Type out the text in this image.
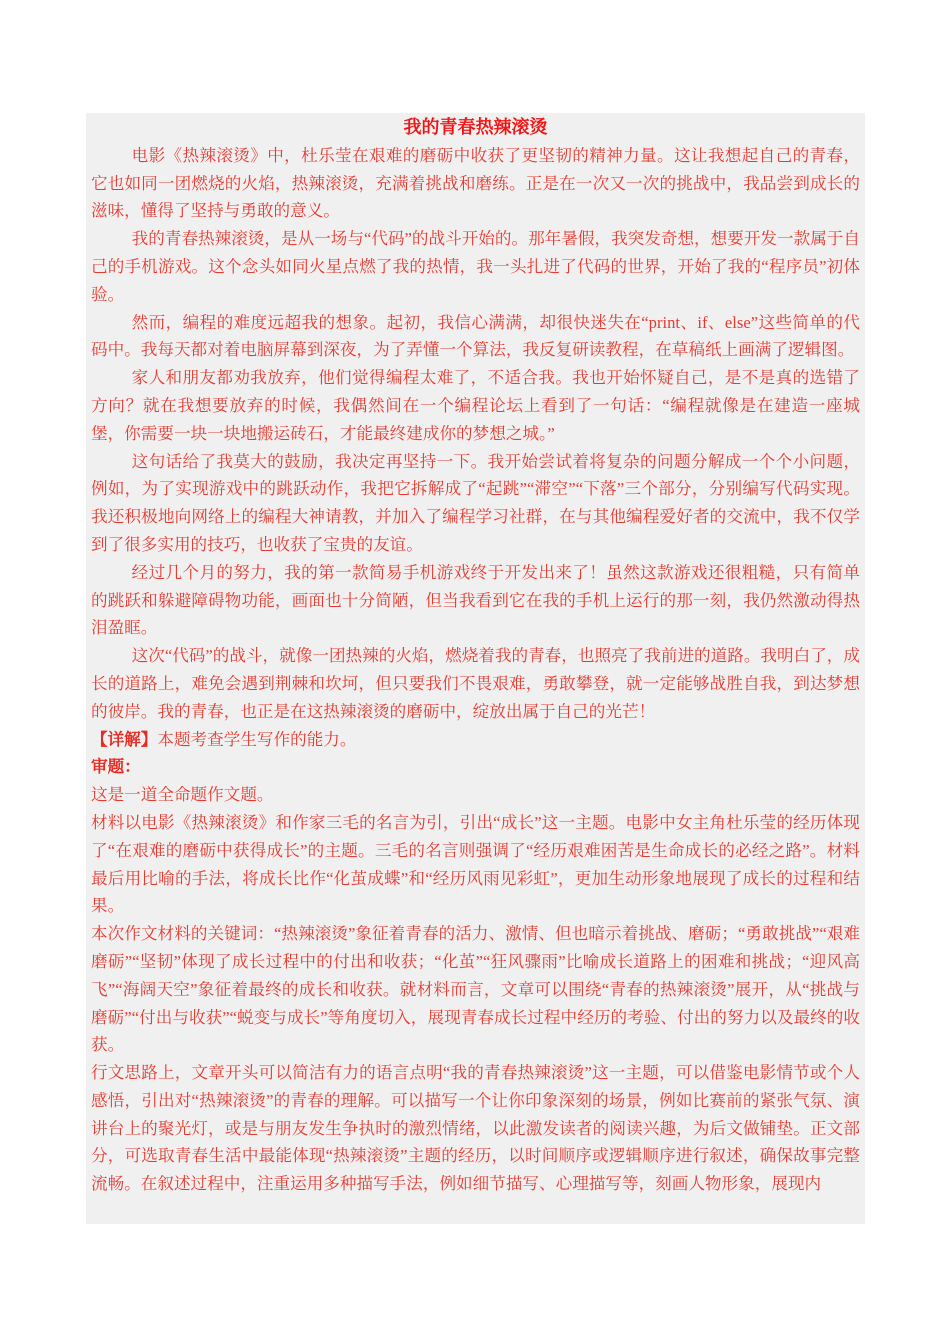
我的青春热辣滚烫

电影《热辣滚烫》中，杜乐莹在艰难的磨砺中收获了更坚韧的精神力量。这让我想起自己的青春，它也如同一团燃烧的火焰，热辣滚烫，充满着挑战和磨练。正是在一次又一次的挑战中，我品尝到成长的滋味，懂得了坚持与勇敢的意义。

我的青春热辣滚烫，是从一场与“代码”的战斗开始的。那年暑假，我突发奇想，想要开发一款属于自己的手机游戏。这个念头如同火星点燃了我的热情，我一头扎进了代码的世界，开始了我的“程序员”初体验。

然而，编程的难度远超我的想象。起初，我信心满满，却很快迷失在“print、if、else”这些简单的代码中。我每天都对着电脑屏幕到深夜，为了弄懂一个算法，我反复研读教程，在草稿纸上画满了逻辑图。

家人和朋友都劝我放弃，他们觉得编程太难了，不适合我。我也开始怀疑自己，是不是真的选错了方向？就在我想要放弃的时候，我偶然间在一个编程论坛上看到了一句话：“编程就像是在建造一座城堡，你需要一块一块地搬运砖石，才能最终建成你的梦想之城。”

这句话给了我莫大的鼓励，我决定再坚持一下。我开始尝试着将复杂的问题分解成一个个小问题，例如，为了实现游戏中的跳跃动作，我把它拆解成了“起跳”“滞空”“下落”三个部分，分别编写代码实现。我还积极地向网络上的编程大神请教，并加入了编程学习社群，在与其他编程爱好者的交流中，我不仅学到了很多实用的技巧，也收获了宝贵的友谊。

经过几个月的努力，我的第一款简易手机游戏终于开发出来了！虽然这款游戏还很粗糙，只有简单的跳跃和躲避障碍物功能，画面也十分简陋，但当我看到它在我的手机上运行的那一刻，我仍然激动得热泪盈眶。

这次“代码”的战斗，就像一团热辣的火焰，燃烧着我的青春，也照亮了我前进的道路。我明白了，成长的道路上，难免会遇到荆棘和坎坷，但只要我们不畏艰难，勇敢攀登，就一定能够战胜自我，到达梦想的彼岸。我的青春，也正是在这热辣滚烫的磨砺中，绽放出属于自己的光芒！

【详解】本题考查学生写作的能力。

审题：

这是一道全命题作文题。

材料以电影《热辣滚烫》和作家三毛的名言为引，引出“成长”这一主题。电影中女主角杜乐莹的经历体现了“在艰难的磨砺中获得成长”的主题。三毛的名言则强调了“经历艰难困苦是生命成长的必经之路”。材料最后用比喻的手法，将成长比作“化茧成蝶”和“经历风雨见彩虹”，更加生动形象地展现了成长的过程和结果。

本次作文材料的关键词：“热辣滚烫”象征着青春的活力、激情、但也暗示着挑战、磨砺；“勇敢挑战”“艰难磨砺”“坚韧”体现了成长过程中的付出和收获；“化茧”“狂风骤雨”比喻成长道路上的困难和挑战；“迎风高飞”“海阔天空”象征着最终的成长和收获。就材料而言，文章可以围绕“青春的热辣滚烫”展开，从“挑战与磨砺”“付出与收获”“蜕变与成长”等角度切入，展现青春成长过程中经历的考验、付出的努力以及最终的收获。

行文思路上，文章开头可以简洁有力的语言点明“我的青春热辣滚烫”这一主题，可以借鉴电影情节或个人感悟，引出对“热辣滚烫”的青春的理解。可以描写一个让你印象深刻的场景，例如比赛前的紧张气氛、演讲台上的聚光灯，或是与朋友发生争执时的激烈情绪，以此激发读者的阅读兴趣，为后文做铺垫。正文部分，可选取青春生活中最能体现“热辣滚烫”主题的经历，以时间顺序或逻辑顺序进行叙述，确保故事完整流畅。在叙述过程中，注重运用多种描写手法，例如细节描写、心理描写等，刻画人物形象，展现内
